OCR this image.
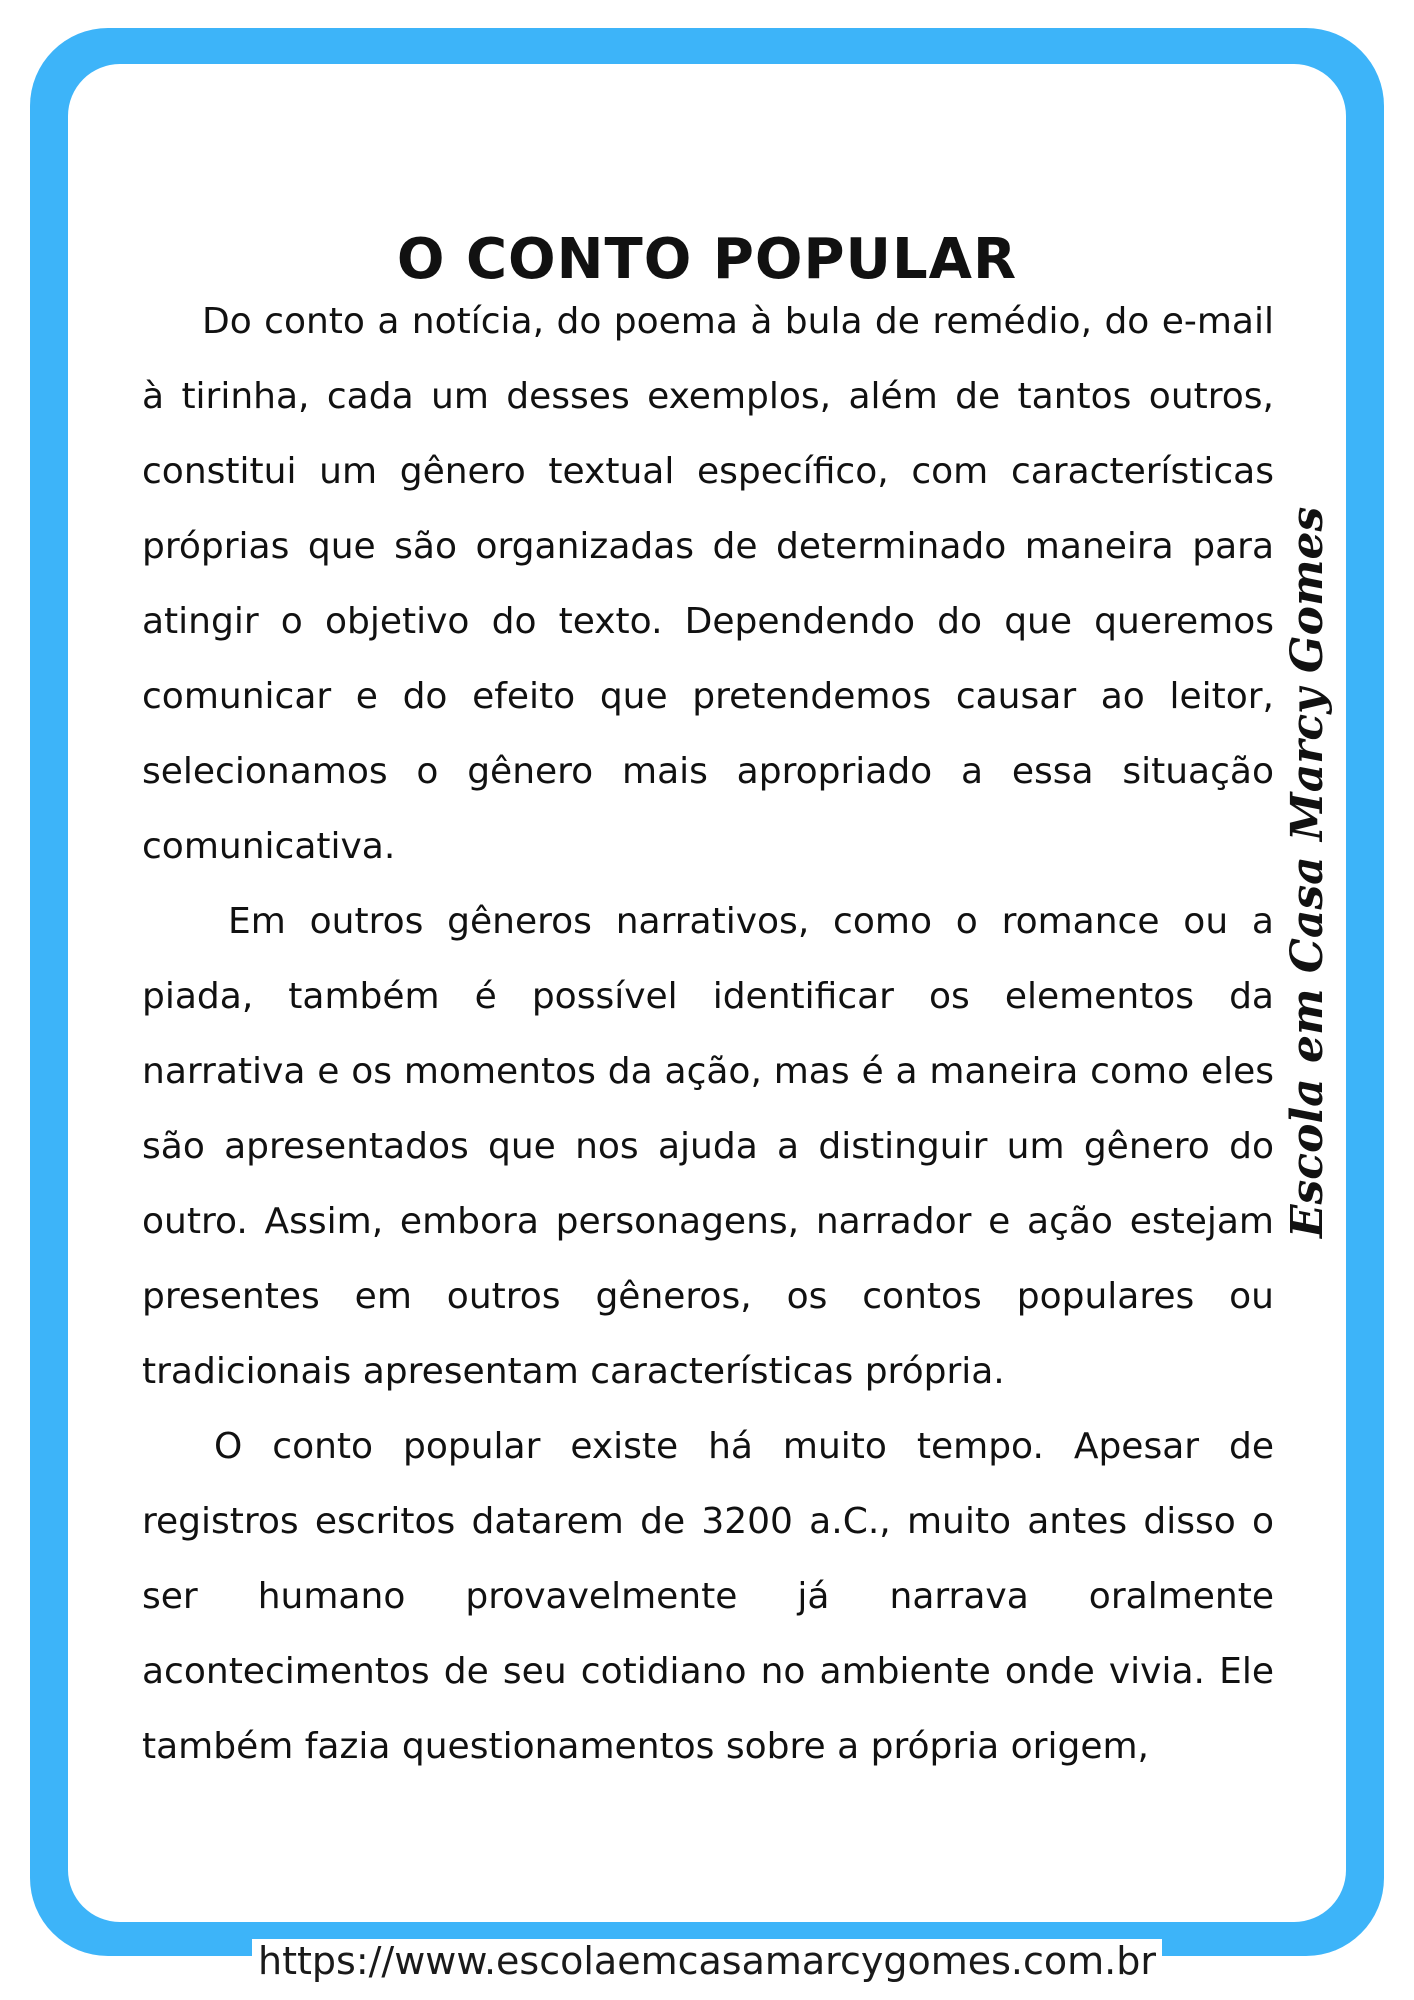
O CONTO POPULAR

Do conto a notícia, do poema à bula de remédio, do e-mail à tirinha, cada um desses exemplos, além de tantos outros, constitui um gênero textual específico, com características próprias que são organizadas de determinado maneira para atingir o objetivo do texto. Dependendo do que queremos comunicar e do efeito que pretendemos causar ao leitor, selecionamos o gênero mais apropriado a essa situação comunicativa.

Em outros gêneros narrativos, como o romance ou a piada, também é possível identificar os elementos da narrativa e os momentos da ação, mas é a maneira como eles são apresentados que nos ajuda a distinguir um gênero do outro. Assim, embora personagens, narrador e ação estejam presentes em outros gêneros, os contos populares ou tradicionais apresentam características própria.

O conto popular existe há muito tempo. Apesar de registros escritos datarem de 3200 a.C., muito antes disso o ser humano provavelmente já narrava oralmente acontecimentos de seu cotidiano no ambiente onde vivia. Ele também fazia questionamentos sobre a própria origem,

Escola em Casa Marcy Gomes
https://www.escolaemcasamarcygomes.com.br
